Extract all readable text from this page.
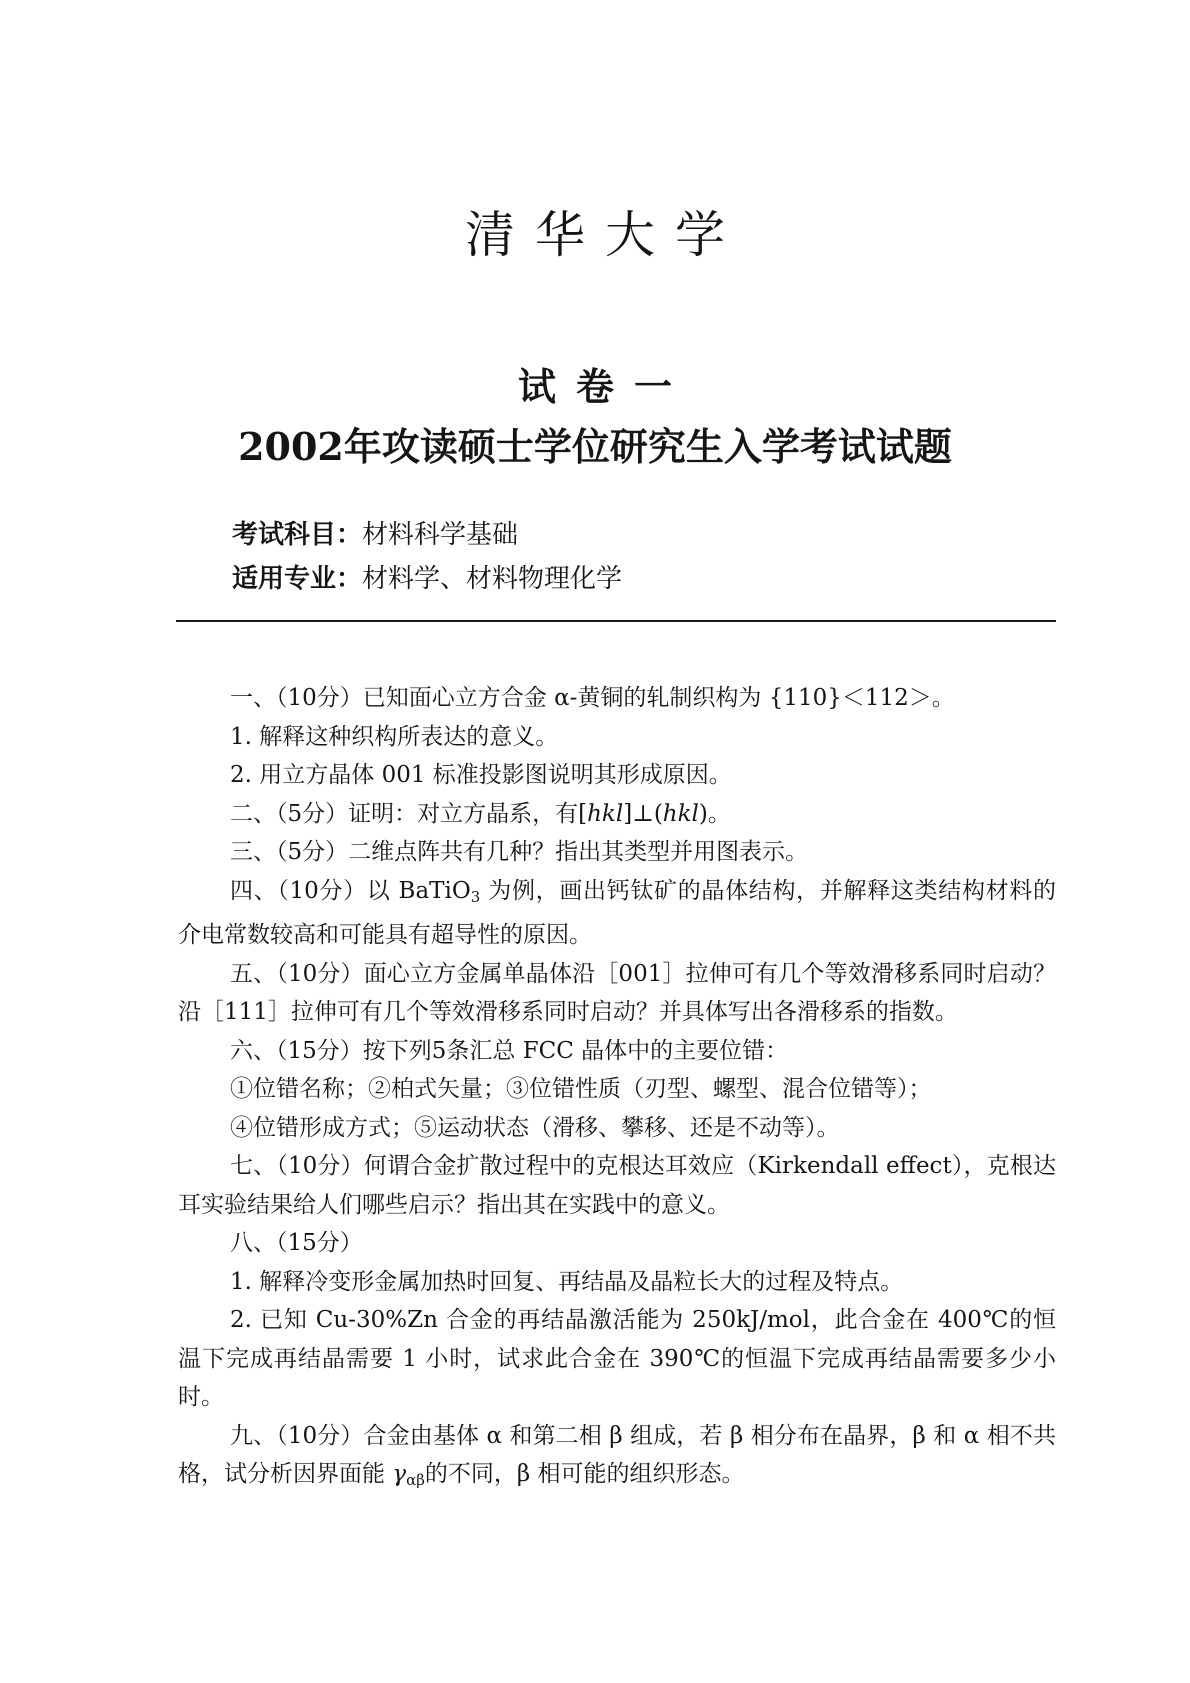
清华大学
试卷一
2002年攻读硕士学位研究生入学考试试题
考试科目：材料科学基础
适用专业：材料学、材料物理化学

一、（10分）已知面心立方合金 α-黄铜的轧制织构为 {110}＜112＞。

1. 解释这种织构所表达的意义。

2. 用立方晶体 001 标准投影图说明其形成原因。

二、（5分）证明：对立方晶系，有[hkl]⊥(hkl)。

三、（5分）二维点阵共有几种？指出其类型并用图表示。

四、（10分）以 BaTiO$_3$ 为例，画出钙钛矿的晶体结构，并解释这类结构材料的介电常数较高和可能具有超导性的原因。

五、（10分）面心立方金属单晶体沿［001］拉伸可有几个等效滑移系同时启动？沿［111］拉伸可有几个等效滑移系同时启动？并具体写出各滑移系的指数。

六、（15分）按下列5条汇总 FCC 晶体中的主要位错：

①位错名称；②柏式矢量；③位错性质（刃型、螺型、混合位错等）；

④位错形成方式；⑤运动状态（滑移、攀移、还是不动等）。

七、（10分）何谓合金扩散过程中的克根达耳效应（Kirkendall effect），克根达耳实验结果给人们哪些启示？指出其在实践中的意义。

八、（15分）

1. 解释冷变形金属加热时回复、再结晶及晶粒长大的过程及特点。

2. 已知 Cu-30%Zn 合金的再结晶激活能为 250kJ/mol，此合金在 400℃的恒温下完成再结晶需要 1 小时，试求此合金在 390℃的恒温下完成再结晶需要多少小时。

九、（10分）合金由基体 α 和第二相 β 组成，若 β 相分布在晶界，β 和 α 相不共格，试分析因界面能 $\gamma_{\alpha\beta}$的不同，β 相可能的组织形态。
